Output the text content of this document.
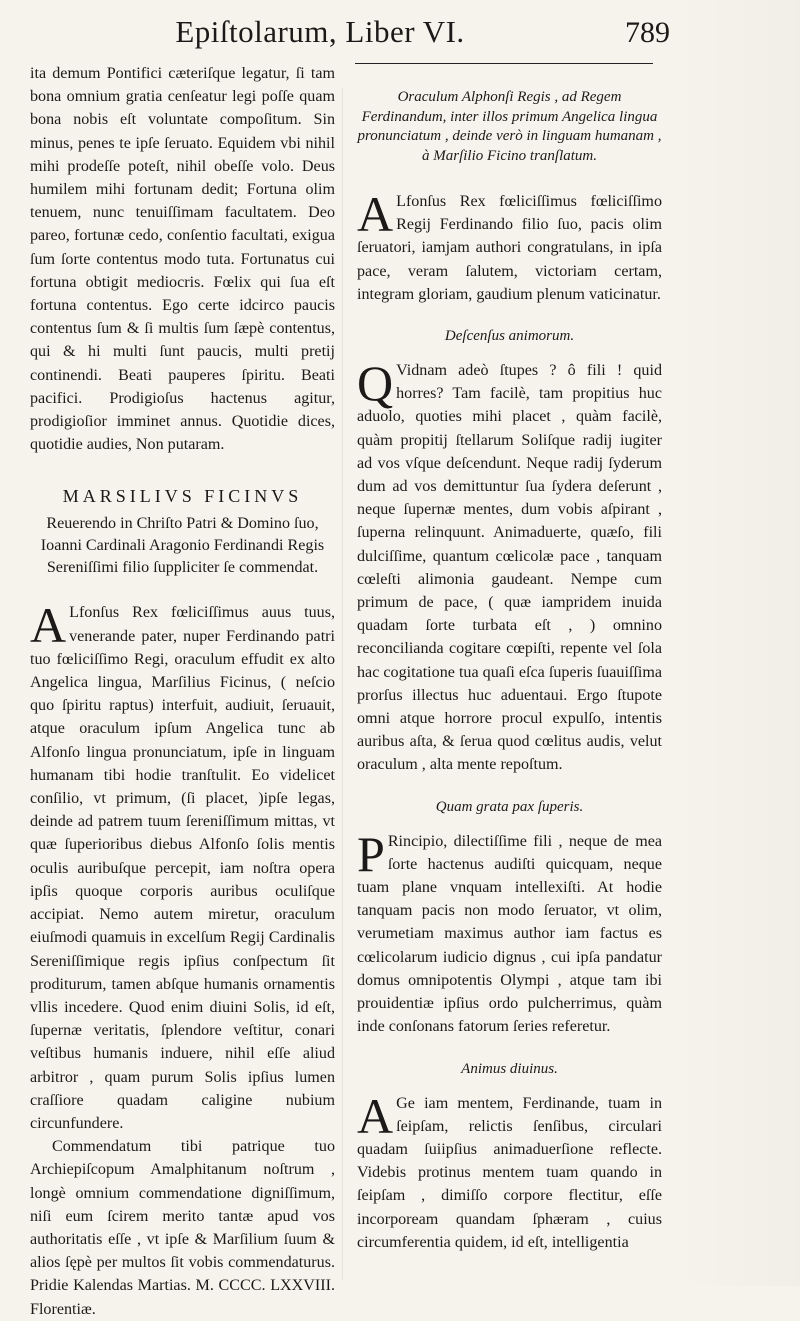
Epiſtolarum, Liber VI.	789

ita demum Pontifici cæteriſque legatur, ſi tam bona omnium gratia cenſeatur legi poſſe quam bona nobis eſt voluntate compoſitum. Sin minus, penes te ipſe ſeruato. Equidem vbi nihil mihi prodeſſe poteſt, nihil obeſſe volo. Deus humilem mihi fortunam dedit; Fortuna olim tenuem, nunc tenuiſſimam facultatem. Deo pareo, fortunæ cedo, conſentio facultati, exigua ſum ſorte contentus modo tuta. Fortunatus cui fortuna obtigit mediocris. Fœlix qui ſua eſt fortuna contentus. Ego certe idcirco paucis contentus ſum & ſi multis ſum ſæpè contentus, qui & hi multi ſunt paucis, multi pretij continendi. Beati pauperes ſpiritu. Beati pacifici. Prodigioſus hactenus agitur, prodigioſior imminet annus. Quotidie dices, quotidie audies, Non putaram.

MARSILIVS FICINVS
Reuerendo in Chriſto Patri & Domino ſuo, Ioanni Cardinali Aragonio Ferdinandi Regis Sereniſſimi filio ſuppliciter ſe commendat.

A Lfonſus Rex fœliciſſimus auus tuus, venerande pater, nuper Ferdinando patri tuo fœliciſſimo Regi, oraculum effudit ex alto Angelica lingua, Marſilius Ficinus, ( neſcio quo ſpiritu raptus) interfuit, audiuit, ſeruauit, atque oraculum ipſum Angelica tunc ab Alfonſo lingua pronunciatum, ipſe in linguam humanam tibi hodie tranſtulit. Eo videlicet conſilio, vt primum, (ſi placet, )ipſe legas, deinde ad patrem tuum ſereniſſimum mittas, vt quæ ſuperioribus diebus Alfonſo ſolis mentis oculis auribuſque percepit, iam noſtra opera ipſis quoque corporis auribus oculiſque accipiat. Nemo autem miretur, oraculum eiuſmodi quamuis in excelſum Regij Cardinalis Sereniſſimique regis ipſius conſpectum ſit proditurum, tamen abſque humanis ornamentis vllis incedere. Quod enim diuini Solis, id eſt, ſupernæ veritatis, ſplendore veſtitur, conari veſtibus humanis induere, nihil eſſe aliud arbitror , quam purum Solis ipſius lumen craſſiore quadam caligine nubium circunfundere.

Commendatum tibi patrique tuo Archiepiſcopum Amalphitanum noſtrum , longè omnium commendatione digniſſimum, niſi eum ſcirem merito tantæ apud vos authoritatis eſſe , vt ipſe & Marſilium ſuum & alios ſępè per multos ſit vobis commendaturus. Pridie Kalendas Martias. M. CCCC. LXXVIII. Florentiæ.

Oraculum Alphonſi Regis , ad Regem Ferdinandum, inter illos primum Angelica lingua pronunciatum , deinde verò in linguam humanam , à Marſilio Ficino tranſlatum.

A Lfonſus Rex fœliciſſimus fœliciſſimo Regij Ferdinando filio ſuo, pacis olim ſeruatori, iamjam authori congratulans, in ipſa pace, veram ſalutem, victoriam certam, integram gloriam, gaudium plenum vaticinatur.

Deſcenſus animorum.

Q Vidnam adeò ſtupes ? ô fili ! quid horres? Tam facilè, tam propitius huc aduolo, quoties mihi placet , quàm facilè, quàm propitij ſtellarum Soliſque radij iugiter ad vos vſque deſcendunt. Neque radij ſyderum dum ad vos demittuntur ſua ſydera deſerunt , neque ſupernæ mentes, dum vobis aſpirant , ſuperna relinquunt. Animaduerte, quæſo, fili dulciſſime, quantum cœlicolæ pace , tanquam cœleſti alimonia gaudeant. Nempe cum primum de pace, ( quæ iampridem inuida quadam ſorte turbata eſt , ) omnino reconcilianda cogitare cœpiſti, repente vel ſola hac cogitatione tua quaſi eſca ſuperis ſuauiſſima prorſus illectus huc aduentaui. Ergo ſtupote omni atque horrore procul expulſo, intentis auribus aſta, & ſerua quod cœlitus audis, velut oraculum , alta mente repoſtum.

Quam grata pax ſuperis.

P Rincipio, dilectiſſime fili , neque de mea ſorte hactenus audiſti quicquam, neque tuam plane vnquam intellexiſti. At hodie tanquam pacis non modo ſeruator, vt olim, verumetiam maximus author iam factus es cœlicolarum iudicio dignus , cui ipſa pandatur domus omnipotentis Olympi , atque tam ibi prouidentiæ ipſius ordo pulcherrimus, quàm inde conſonans fatorum ſeries referetur.

Animus diuinus.

A Ge iam mentem, Ferdinande, tuam in ſeipſam, relictis ſenſibus, circulari quadam ſuiipſius animaduerſione reflecte. Videbis protinus mentem tuam quando in ſeipſam , dimiſſo corpore flectitur, eſſe incorpoream quandam ſphæram , cuius circumferentia quidem, id eſt, intelligentia
